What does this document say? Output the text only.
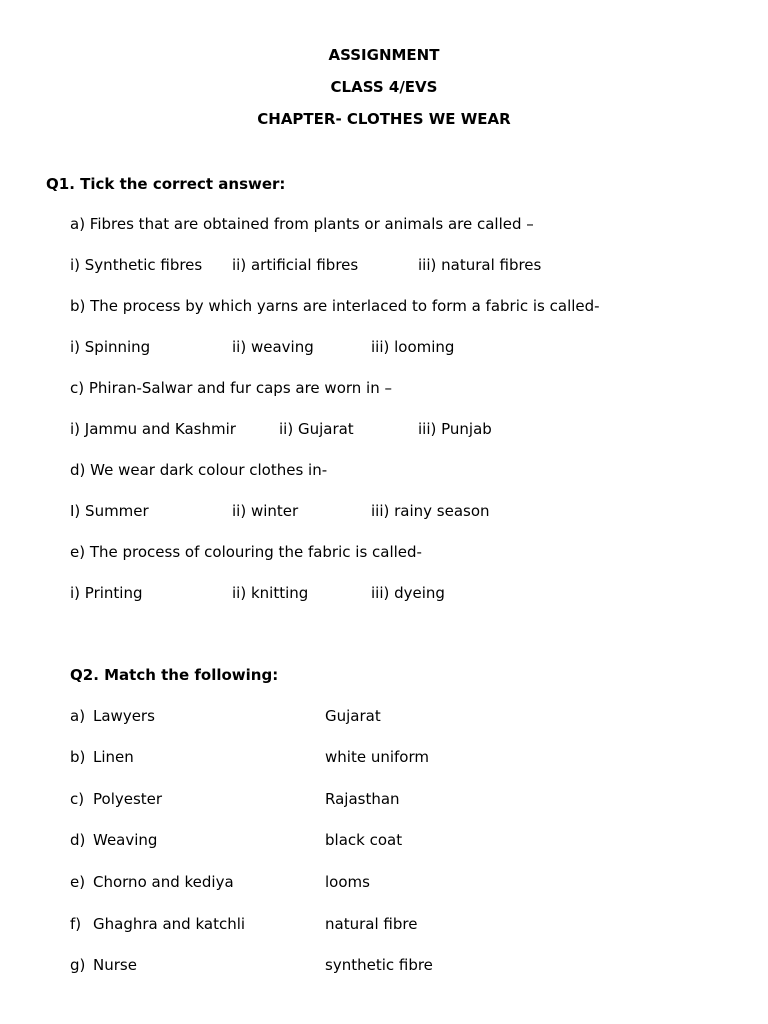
ASSIGNMENT
CLASS 4/EVS
CHAPTER- CLOTHES WE WEAR
Q1. Tick the correct answer:
a) Fibres that are obtained from plants or animals are called –
i) Synthetic fibres ii) artificial fibres	iii) natural fibres
b) The process by which yarns are interlaced to form a fabric is called-
i) Spinning	ii) weaving	iii) looming
c) Phiran-Salwar and fur caps are worn in –
i) Jammu and Kashmir	ii) Gujarat	iii) Punjab
d) We wear dark colour clothes in-
I) Summer	ii) winter	iii) rainy season
e) The process of colouring the fabric is called-
i) Printing	ii) knitting	iii) dyeing
Q2. Match the following:
a) Lawyers	Gujarat
b) Linen	white uniform
c) Polyester	Rajasthan
d) Weaving	black coat
e) Chorno and kediya	looms
f) Ghaghra and katchli	natural fibre
g) Nurse	synthetic fibre
